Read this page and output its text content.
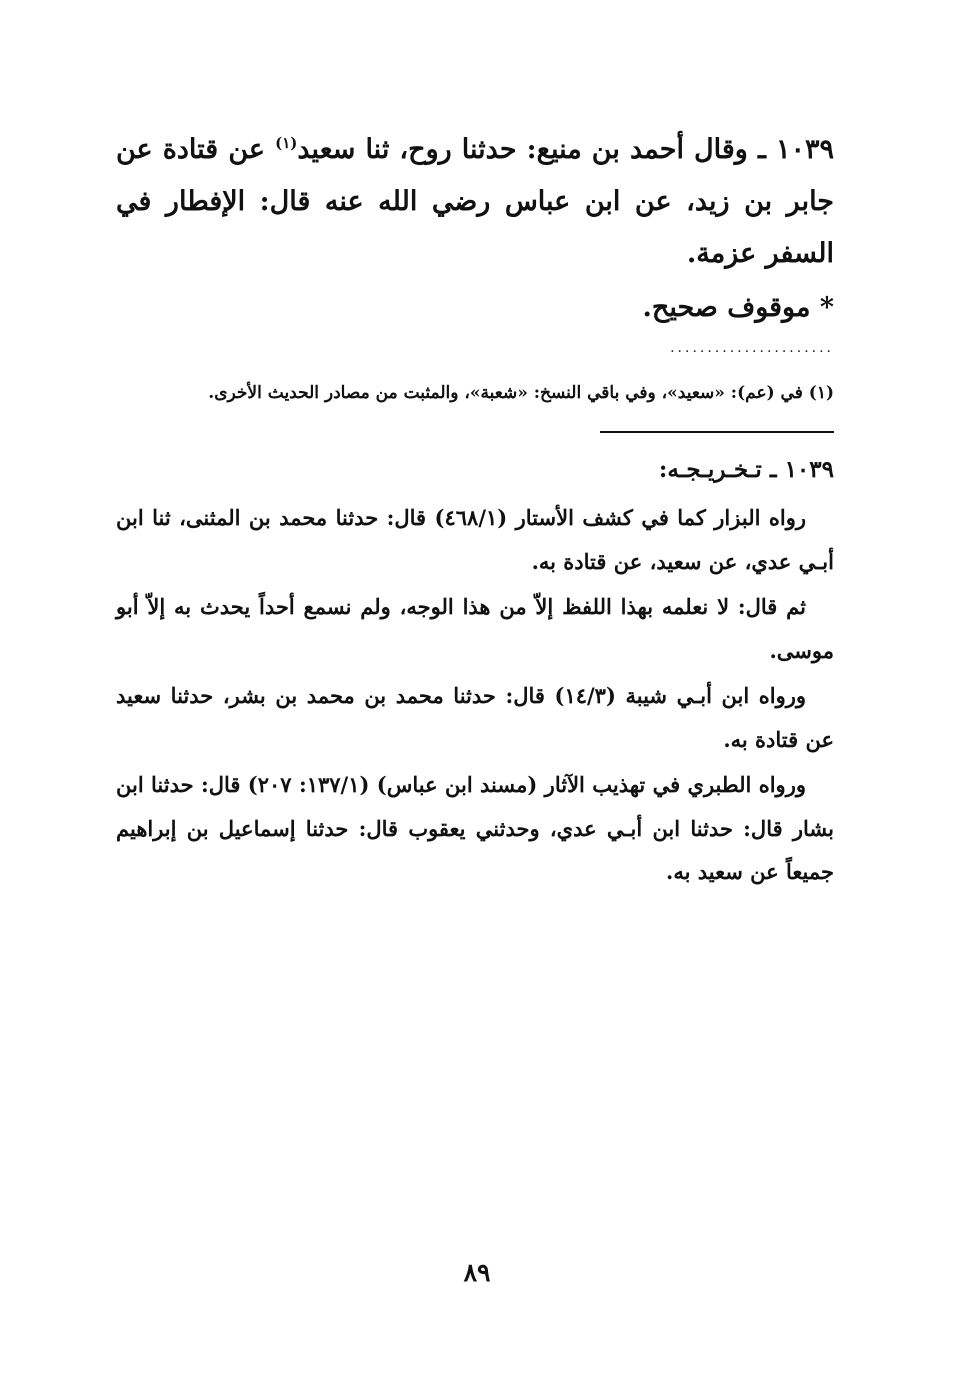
١٠٣٩ ـ وقال أحمد بن منيع: حدثنا روح، ثنا سعيد$^{(١)}$ عن قتادة عن جابر بن زيد، عن ابن عباس رضي الله عنه قال: الإفطار في السفر عزمة.
* موقوف صحيح.
......................
(١) في (عم): «سعيد»، وفي باقي النسخ: «شعبة»، والمثبت من مصادر الحديث الأخرى.
١٠٣٩ ـ تـخـريـجـه:

رواه البزار كما في كشف الأستار (٤٦٨/١) قال: حدثنا محمد بن المثنى، ثنا ابن أبـي عدي، عن سعيد، عن قتادة به.

ثم قال: لا نعلمه بهذا اللفظ إلاّ من هذا الوجه، ولم نسمع أحداً يحدث به إلاّ أبو موسى.

ورواه ابن أبـي شيبة (١٤/٣) قال: حدثنا محمد بن محمد بن بشر، حدثنا سعيد عن قتادة به.

ورواه الطبري في تهذيب الآثار (مسند ابن عباس) (١٣٧/١: ٢٠٧) قال: حدثنا ابن بشار قال: حدثنا ابن أبـي عدي، وحدثني يعقوب قال: حدثنا إسماعيل بن إبراهيم جميعاً عن سعيد به.

٨٩
